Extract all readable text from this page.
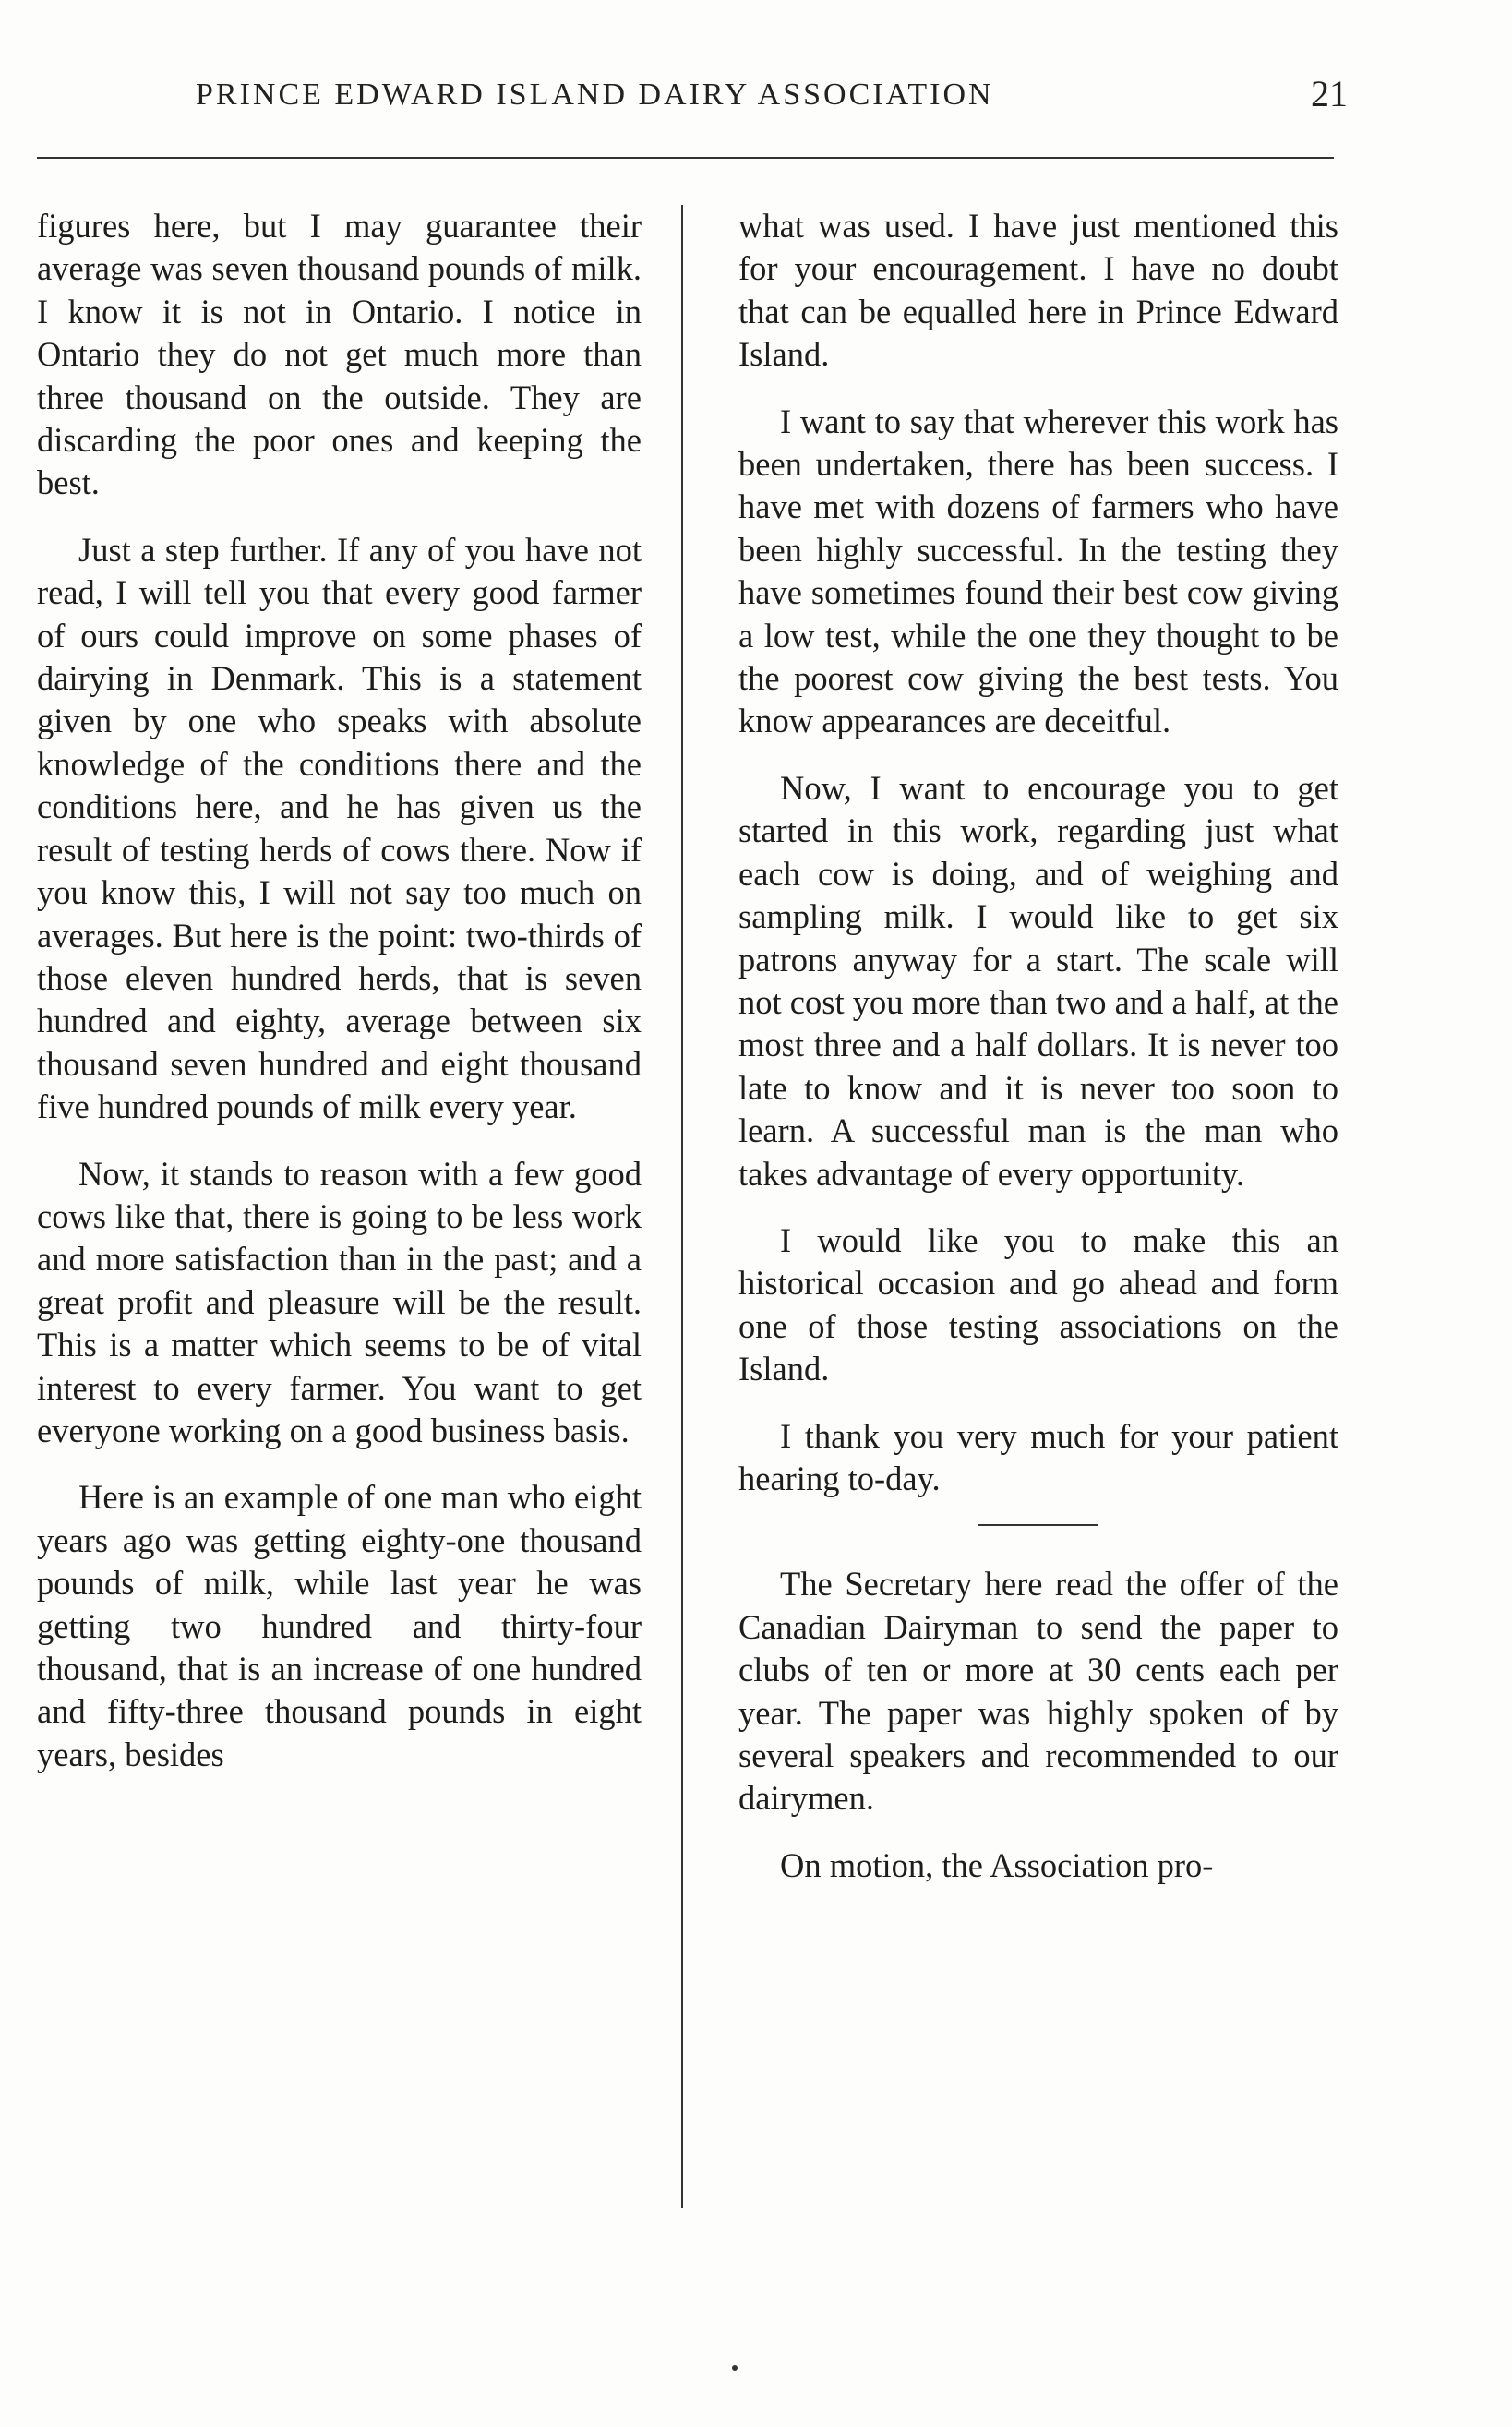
PRINCE EDWARD ISLAND DAIRY ASSOCIATION	21

figures here, but I may guarantee their average was seven thousand pounds of milk. I know it is not in Ontario. I notice in Ontario they do not get much more than three thousand on the outside. They are discarding the poor ones and keeping the best.

Just a step further. If any of you have not read, I will tell you that every good farmer of ours could improve on some phases of dairying in Denmark. This is a statement given by one who speaks with absolute knowledge of the conditions there and the conditions here, and he has given us the result of testing herds of cows there. Now if you know this, I will not say too much on averages. But here is the point: two-thirds of those eleven hundred herds, that is seven hundred and eighty, average between six thousand seven hundred and eight thousand five hundred pounds of milk every year.

Now, it stands to reason with a few good cows like that, there is going to be less work and more satisfaction than in the past; and a great profit and pleasure will be the result. This is a matter which seems to be of vital interest to every farmer. You want to get everyone working on a good business basis.

Here is an example of one man who eight years ago was getting eighty-one thousand pounds of milk, while last year he was getting two hundred and thirty-four thousand, that is an increase of one hundred and fifty-three thousand pounds in eight years, besides

what was used. I have just mentioned this for your encouragement. I have no doubt that can be equalled here in Prince Edward Island.

I want to say that wherever this work has been undertaken, there has been success. I have met with dozens of farmers who have been highly successful. In the testing they have sometimes found their best cow giving a low test, while the one they thought to be the poorest cow giving the best tests. You know appearances are deceitful.

Now, I want to encourage you to get started in this work, regarding just what each cow is doing, and of weighing and sampling milk. I would like to get six patrons anyway for a start. The scale will not cost you more than two and a half, at the most three and a half dollars. It is never too late to know and it is never too soon to learn. A successful man is the man who takes advantage of every opportunity.

I would like you to make this an historical occasion and go ahead and form one of those testing associations on the Island.

I thank you very much for your patient hearing to-day.

The Secretary here read the offer of the Canadian Dairyman to send the paper to clubs of ten or more at 30 cents each per year. The paper was highly spoken of by several speakers and recommended to our dairymen.

On motion, the Association pro-
